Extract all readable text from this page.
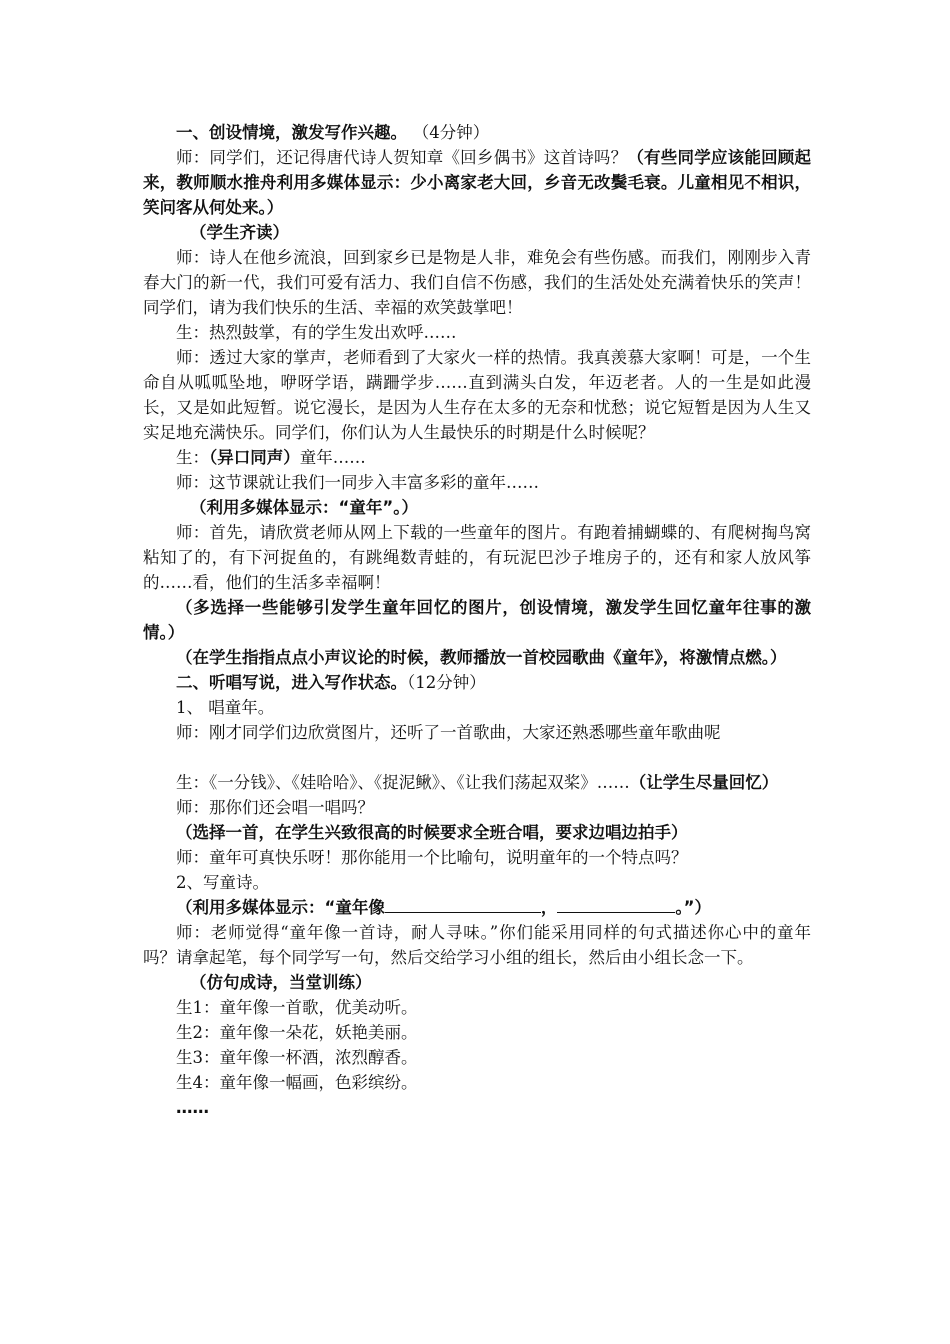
一、创设情境，激发写作兴趣。 （4分钟）

师：同学们，还记得唐代诗人贺知章《回乡偶书》这首诗吗？（有些同学应该能回顾起来，教师顺水推舟利用多媒体显示：少小离家老大回，乡音无改鬓毛衰。儿童相见不相识，笑问客从何处来。）

（学生齐读）

师：诗人在他乡流浪，回到家乡已是物是人非，难免会有些伤感。而我们，刚刚步入青春大门的新一代，我们可爱有活力、我们自信不伤感，我们的生活处处充满着快乐的笑声！同学们，请为我们快乐的生活、幸福的欢笑鼓掌吧！

生：热烈鼓掌，有的学生发出欢呼……

师：透过大家的掌声，老师看到了大家火一样的热情。我真羡慕大家啊！可是，一个生命自从呱呱坠地，咿呀学语，蹒跚学步……直到满头白发，年迈老者。人的一生是如此漫长，又是如此短暂。说它漫长，是因为人生存在太多的无奈和忧愁；说它短暂是因为人生又实足地充满快乐。同学们，你们认为人生最快乐的时期是什么时候呢？

生：（异口同声）童年……

师：这节课就让我们一同步入丰富多彩的童年……

（利用多媒体显示：“童年”。）

师：首先，请欣赏老师从网上下载的一些童年的图片。有跑着捕蝴蝶的、有爬树掏鸟窝粘知了的，有下河捉鱼的，有跳绳数青蛙的，有玩泥巴沙子堆房子的，还有和家人放风筝的……看，他们的生活多幸福啊！

（多选择一些能够引发学生童年回忆的图片，创设情境，激发学生回忆童年往事的激情。）

（在学生指指点点小声议论的时候，教师播放一首校园歌曲《童年》，将激情点燃。）

二、听唱写说，进入写作状态。（12分钟）

1、 唱童年。

师：刚才同学们边欣赏图片，还听了一首歌曲，大家还熟悉哪些童年歌曲呢

生：《一分钱》、《娃哈哈》、《捉泥鳅》、《让我们荡起双桨》……（让学生尽量回忆）

师：那你们还会唱一唱吗？

（选择一首，在学生兴致很高的时候要求全班合唱，要求边唱边拍手）

师：童年可真快乐呀！那你能用一个比喻句，说明童年的一个特点吗？

2、写童诗。

（利用多媒体显示：“童年像	，	。”）

师：老师觉得“童年像一首诗，耐人寻味。”你们能采用同样的句式描述你心中的童年吗？请拿起笔，每个同学写一句，然后交给学习小组的组长，然后由小组长念一下。

（仿句成诗，当堂训练）

生1：童年像一首歌，优美动听。

生2：童年像一朵花，妖艳美丽。

生3：童年像一杯酒，浓烈醇香。

生4：童年像一幅画，色彩缤纷。

……
